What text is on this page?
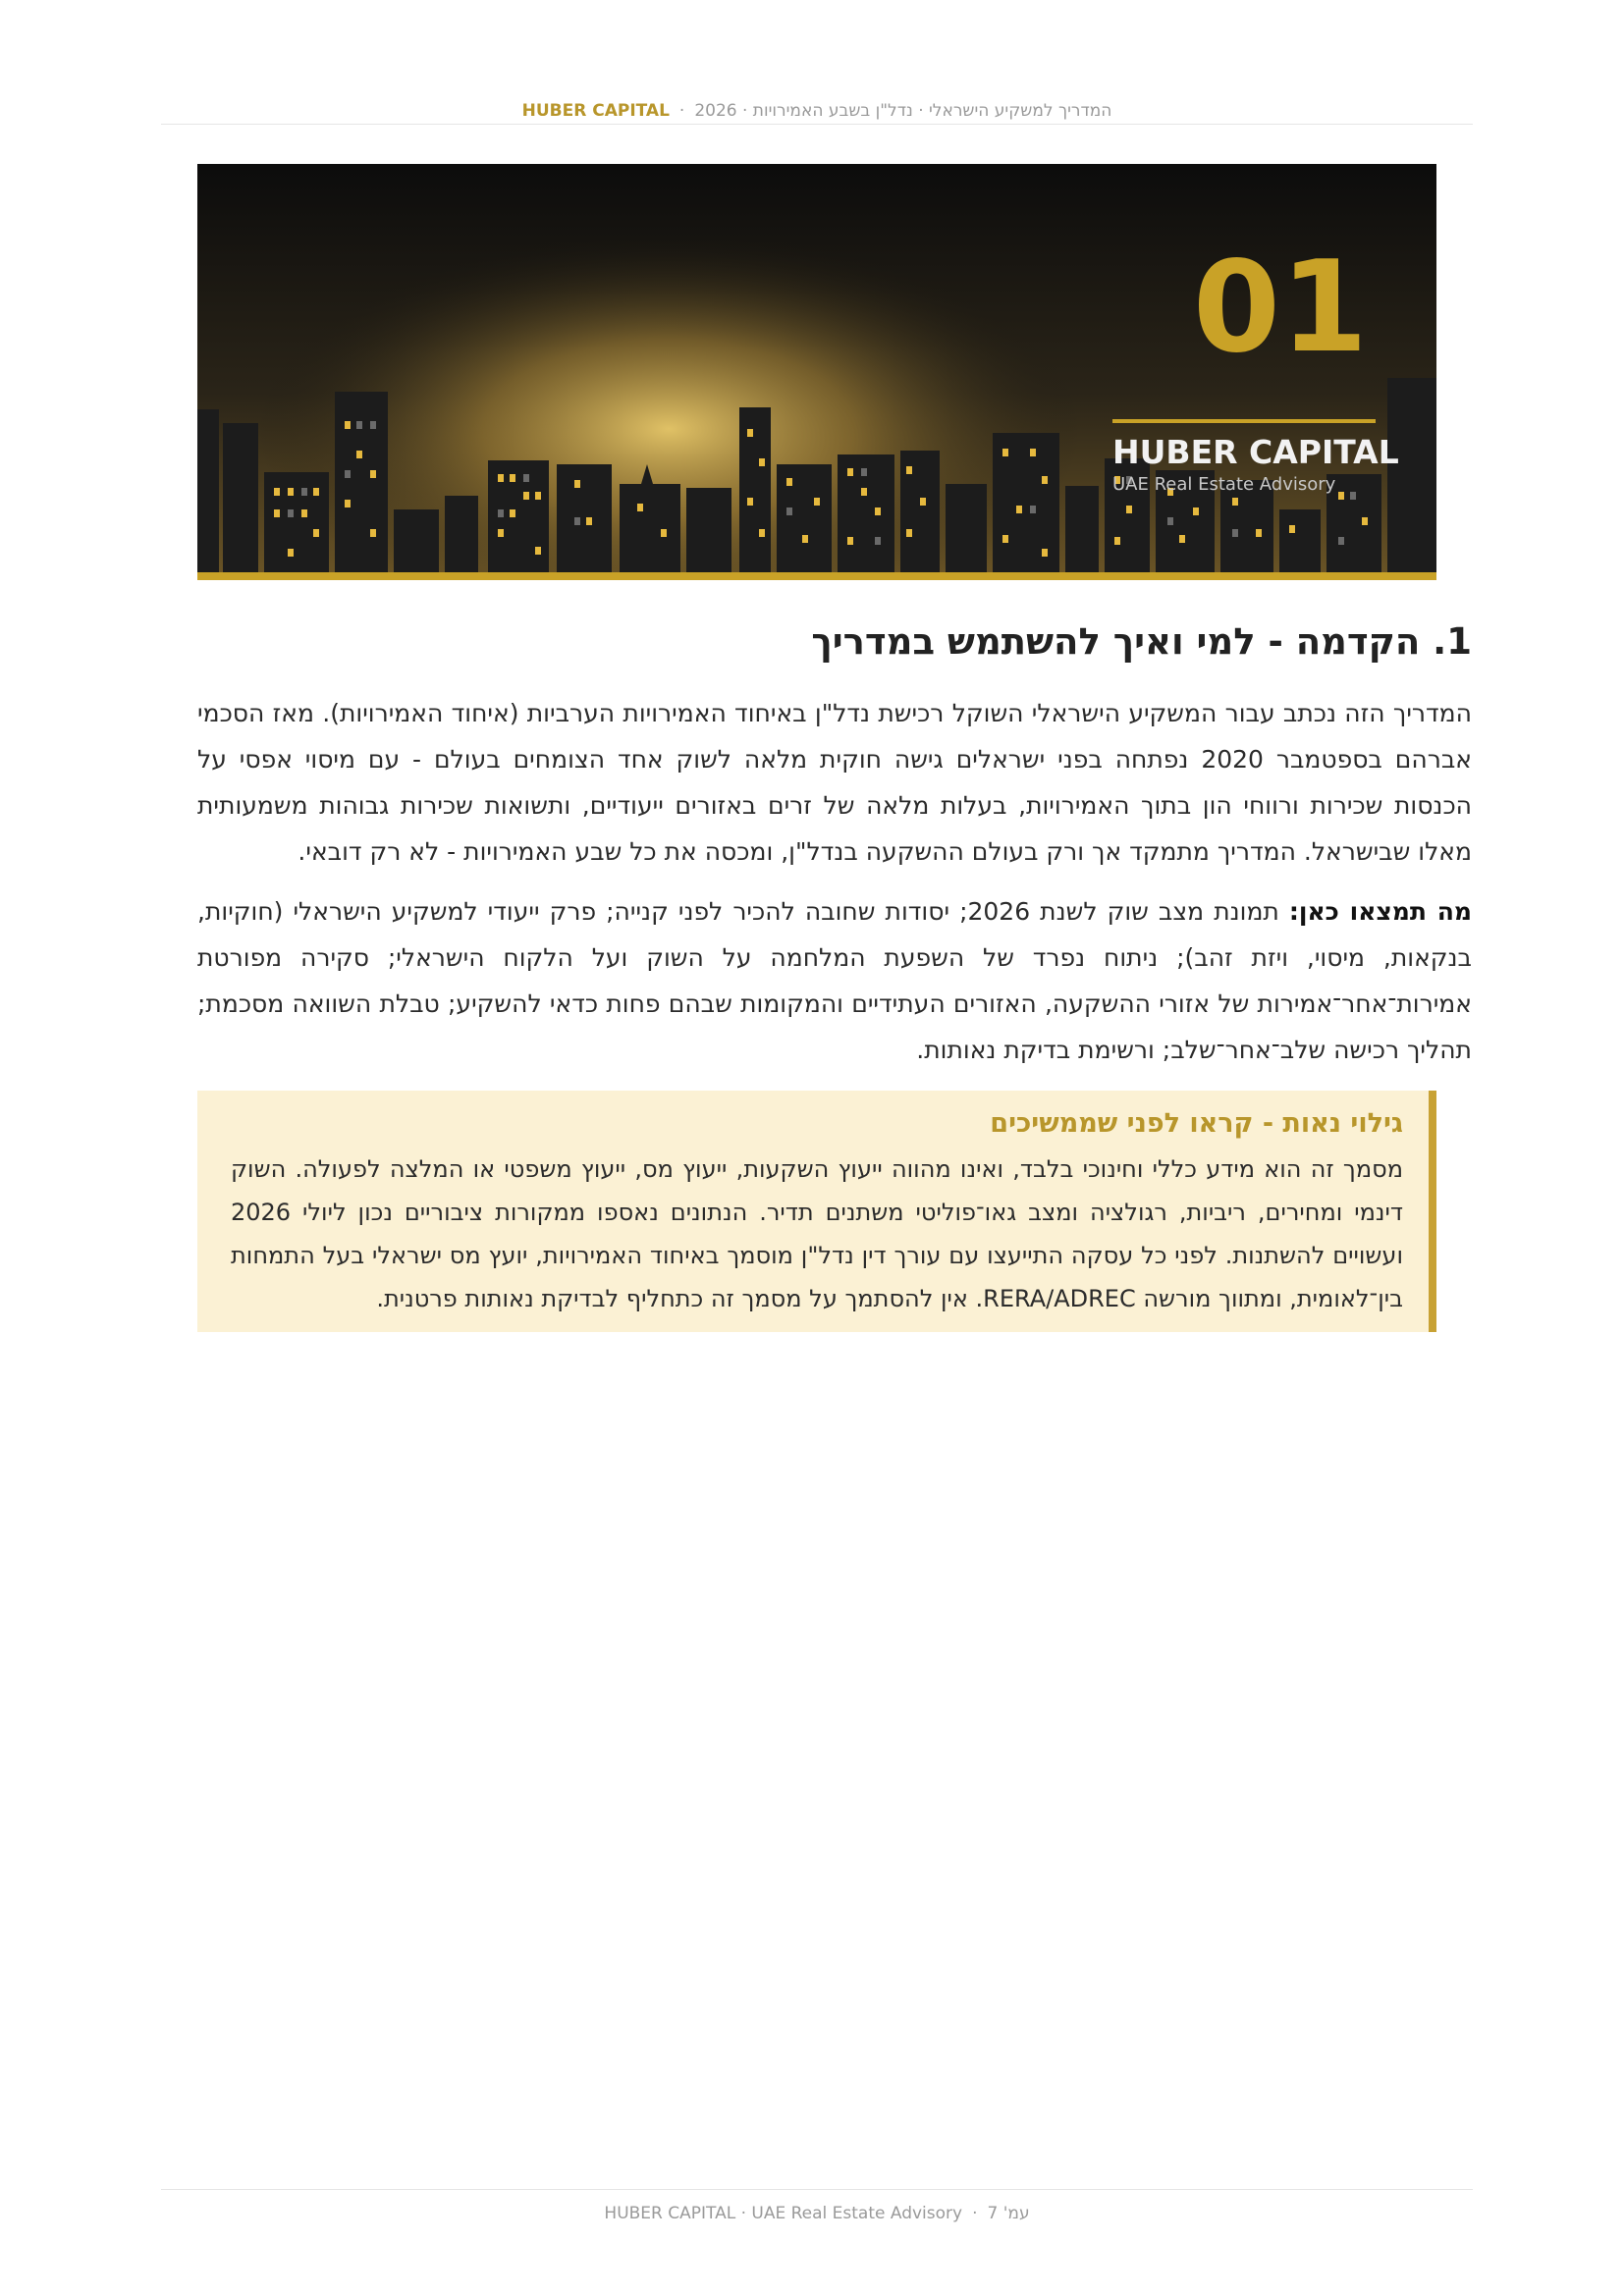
המדריך למשקיע הישראלי · נדל"ן בשבע האמירויות · 2026
·
HUBER CAPITAL
01
HUBER CAPITAL
UAE Real Estate Advisory
1. הקדמה - למי ואיך להשתמש במדריך

המדריך הזה נכתב עבור המשקיע הישראלי השוקל רכישת נדל"ן באיחוד האמירויות הערביות (איחוד האמירויות). מאז הסכמי אברהם בספטמבר 2020 נפתחה בפני ישראלים גישה חוקית מלאה לשוק אחד הצומחים בעולם - עם מיסוי אפסי על הכנסות שכירות ורווחי הון בתוך האמירויות, בעלות מלאה של זרים באזורים ייעודיים, ותשואות שכירות גבוהות משמעותית מאלו שבישראל. המדריך מתמקד אך ורק בעולם ההשקעה בנדל"ן, ומכסה את כל שבע האמירויות - לא רק דובאי.

מה תמצאו כאן: תמונת מצב שוק לשנת 2026; יסודות שחובה להכיר לפני קנייה; פרק ייעודי למשקיע הישראלי (חוקיות, בנקאות, מיסוי, ויזת זהב); ניתוח נפרד של השפעת המלחמה על השוק ועל הלקוח הישראלי; סקירה מפורטת אמירות־אחר־אמירות של אזורי ההשקעה, האזורים העתידיים והמקומות שבהם פחות כדאי להשקיע; טבלת השוואה מסכמת; תהליך רכישה שלב־אחר־שלב; ורשימת בדיקת נאותות.

גילוי נאות - קראו לפני שממשיכים

מסמך זה הוא מידע כללי וחינוכי בלבד, ואינו מהווה ייעוץ השקעות, ייעוץ מס, ייעוץ משפטי או המלצה לפעולה. השוק דינמי ומחירים, ריביות, רגולציה ומצב גאו־פוליטי משתנים תדיר. הנתונים נאספו ממקורות ציבוריים נכון ליולי 2026 ועשויים להשתנות. לפני כל עסקה התייעצו עם עורך דין נדל"ן מוסמך באיחוד האמירויות, יועץ מס ישראלי בעל התמחות בין־לאומית, ומתווך מורשה RERA/ADREC. אין להסתמך על מסמך זה כתחליף לבדיקת נאותות פרטנית.

עמ' 7
·
HUBER CAPITAL · UAE Real Estate Advisory
